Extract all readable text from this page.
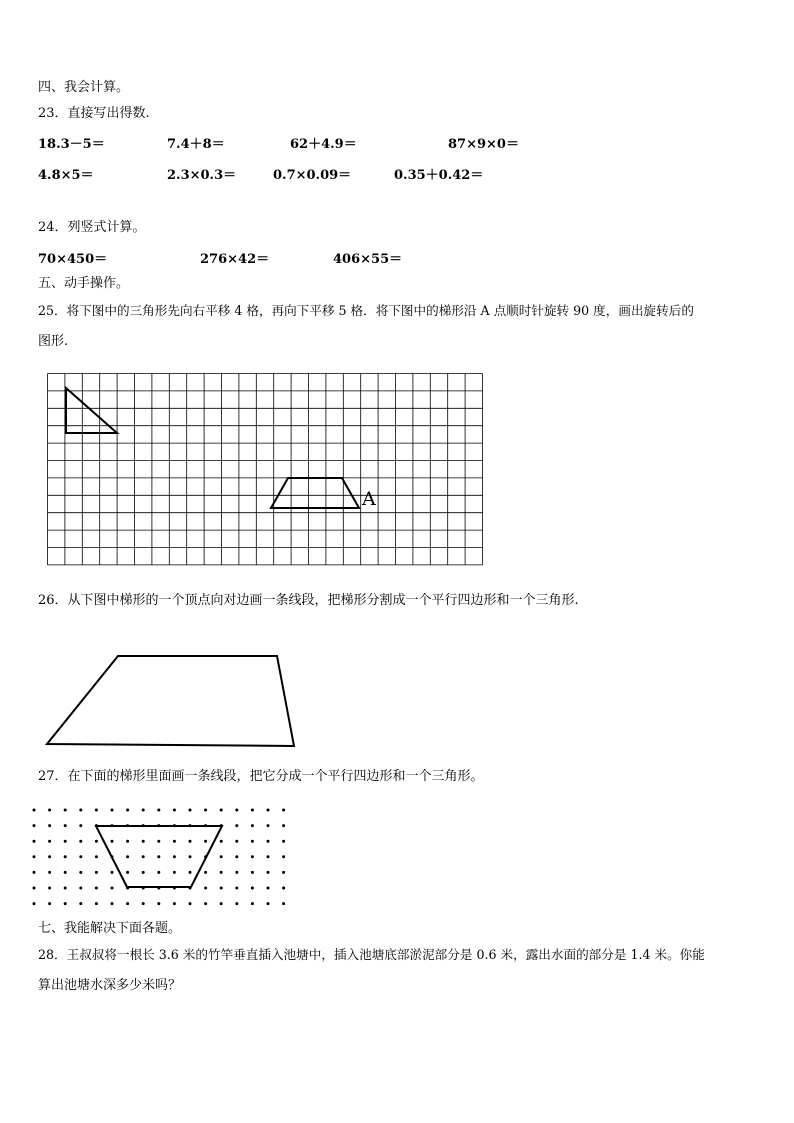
四、我会计算。
23．直接写出得数.
18.3－5＝	7.4＋8＝	62＋4.9＝	87×9×0＝
4.8×5＝	2.3×0.3＝	0.7×0.09＝	0.35＋0.42＝
24．列竖式计算。
70×450＝	276×42＝	406×55＝
五、动手操作。
25．将下图中的三角形先向右平移 4 格，再向下平移 5 格．将下图中的梯形沿 A 点顺时针旋转 90 度，画出旋转后的
图形.
A
26．从下图中梯形的一个顶点向对边画一条线段，把梯形分割成一个平行四边形和一个三角形.
27．在下面的梯形里面画一条线段，把它分成一个平行四边形和一个三角形。
七、我能解决下面各题。
28．王叔叔将一根长 3.6 米的竹竿垂直插入池塘中，插入池塘底部淤泥部分是 0.6 米，露出水面的部分是 1.4 米。你能
算出池塘水深多少米吗？
